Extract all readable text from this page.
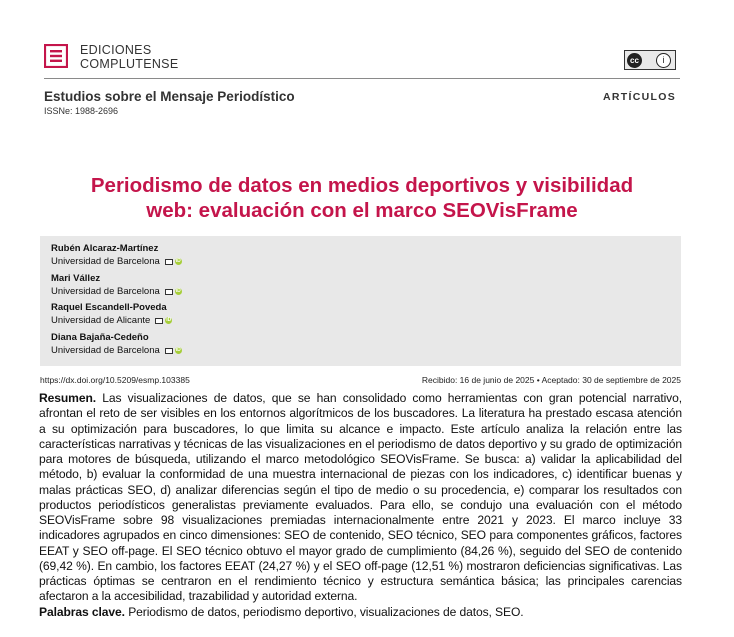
EDICIONES
COMPLUTENSE	cc	i
Estudios sobre el Mensaje Periodístico
ISSNe: 1988-2696
ARTÍCULOS
Periodismo de datos en medios deportivos y visibilidad
web: evaluación con el marco SEOVisFrame
Rubén Alcaraz-Martínez
Universidad de Barcelona	iD
Mari Vállez
Universidad de Barcelona	iD
Raquel Escandell-Poveda
Universidad de Alicante	iD
Diana Bajaña-Cedeño
Universidad de Barcelona	iD
https://dx.doi.org/10.5209/esmp.103385	Recibido: 16 de junio de 2025 • Aceptado: 30 de septiembre de 2025
Resumen. Las visualizaciones de datos, que se han consolidado como herramientas con gran potencial narrativo, afrontan el reto de ser visibles en los entornos algorítmicos de los buscadores. La literatura ha prestado escasa atención a su optimización para buscadores, lo que limita su alcance e impacto. Este artículo analiza la relación entre las características narrativas y técnicas de las visualizaciones en el periodismo de datos deportivo y su grado de optimización para motores de búsqueda, utilizando el marco metodológico SEOVisFrame. Se busca: a) validar la aplicabilidad del método, b) evaluar la conformidad de una muestra internacional de piezas con los indicadores, c) identificar buenas y malas prácticas SEO, d) analizar diferencias según el tipo de medio o su procedencia, e) comparar los resultados con productos periodísticos generalistas previamente evaluados. Para ello, se condujo una evaluación con el método SEOVisFrame sobre 98 visualizaciones premiadas internacionalmente entre 2021 y 2023. El marco incluye 33 indicadores agrupados en cinco dimensiones: SEO de contenido, SEO técnico, SEO para componentes gráficos, factores EEAT y SEO off-page. El SEO técnico obtuvo el mayor grado de cumplimiento (84,26 %), seguido del SEO de contenido (69,42 %). En cambio, los factores EEAT (24,27 %) y el SEO off-page (12,51 %) mostraron deficiencias significativas. Las prácticas óptimas se centraron en el rendimiento técnico y estructura semántica básica; las principales carencias afectaron a la accesibilidad, trazabilidad y autoridad externa.
Palabras clave. Periodismo de datos, periodismo deportivo, visualizaciones de datos, SEO.
